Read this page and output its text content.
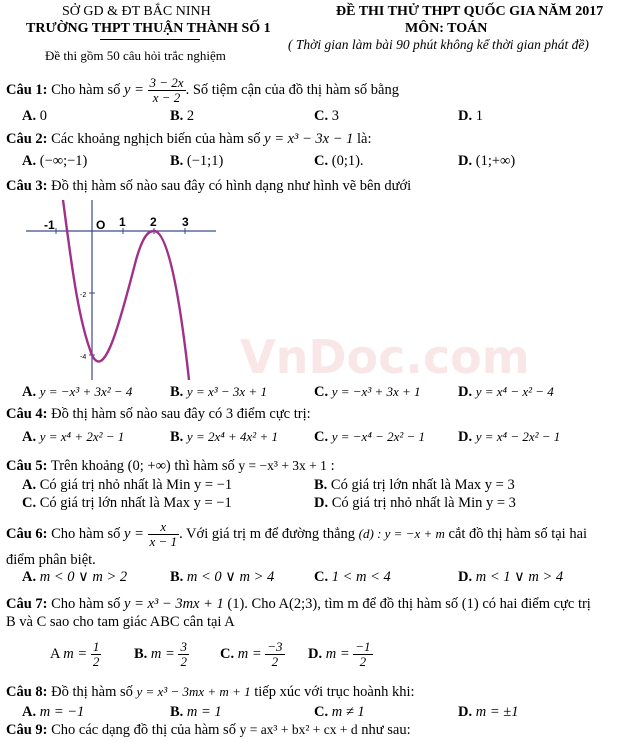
SỞ GD & ĐT BẮC NINH
TRƯỜNG THPT THUẬN THÀNH SỐ 1
Đề thi gồm 50 câu hỏi trắc nghiệm
ĐỀ THI THỬ THPT QUỐC GIA NĂM 2017
MÔN: TOÁN
( Thời gian làm bài 90 phút không kể thời gian phát đề)
Câu 1: Cho hàm số $y = \frac{3 - 2x}{x - 2}$ . Số tiệm cận của đồ thị hàm số bằng
A. 0	B. 2	C. 3	D. 1
Câu 2: Các khoảng nghịch biến của hàm số y = x³ − 3x − 1 là:
A. (−∞;−1)	B. (−1;1)	C. (0;1).	D. (1;+∞)
Câu 3: Đồ thị hàm số nào sau đây có hình dạng như hình vẽ bên dưới
-1	O 1 2 3
-2
-4	VnDoc.com
A. y = −x³ + 3x² − 4	B. y = x³ − 3x + 1	C. y = −x³ + 3x + 1	D. y = x⁴ − x² − 4
Câu 4: Đồ thị hàm số nào sau đây có 3 điểm cực trị:
A. y = x⁴ + 2x² − 1	B. y = 2x⁴ + 4x² + 1 C. y = −x⁴ − 2x² − 1 D. y = x⁴ − 2x² − 1
Câu 5: Trên khoảng (0; +∞) thì hàm số y = −x³ + 3x + 1 :
A. Có giá trị nhỏ nhất là Min y = −1	B. Có giá trị lớn nhất là Max y = 3
C. Có giá trị lớn nhất là Max y = −1	D. Có giá trị nhỏ nhất là Min y = 3
Câu 6: Cho hàm số $y = \frac{x}{x - 1}$ . Với giá trị m để đường thẳng (d) : y = −x + m cắt đồ thị hàm số tại hai
điểm phân biệt.
A. m < 0 ∨ m > 2	B. m < 0 ∨ m > 4	C. 1 < m < 4	D. m < 1 ∨ m > 4
Câu 7: Cho hàm số y = x³ − 3mx + 1 (1). Cho A(2;3), tìm m để đồ thị hàm số (1) có hai điểm cực trị
B và C sao cho tam giác ABC cân tại A
A $m = \frac{1}{2} B$. $m = \frac{3}{2} C$. $m = \frac{-3}{2} D$. $m = \frac{-1}{2}$
Câu 8: Đồ thị hàm số y = x³ − 3mx + m + 1 tiếp xúc với trục hoành khi:
A. m = −1	B. m = 1	C. m ≠ 1	D. m = ±1
Câu 9: Cho các dạng đồ thị của hàm số y = ax³ + bx² + cx + d như sau:
